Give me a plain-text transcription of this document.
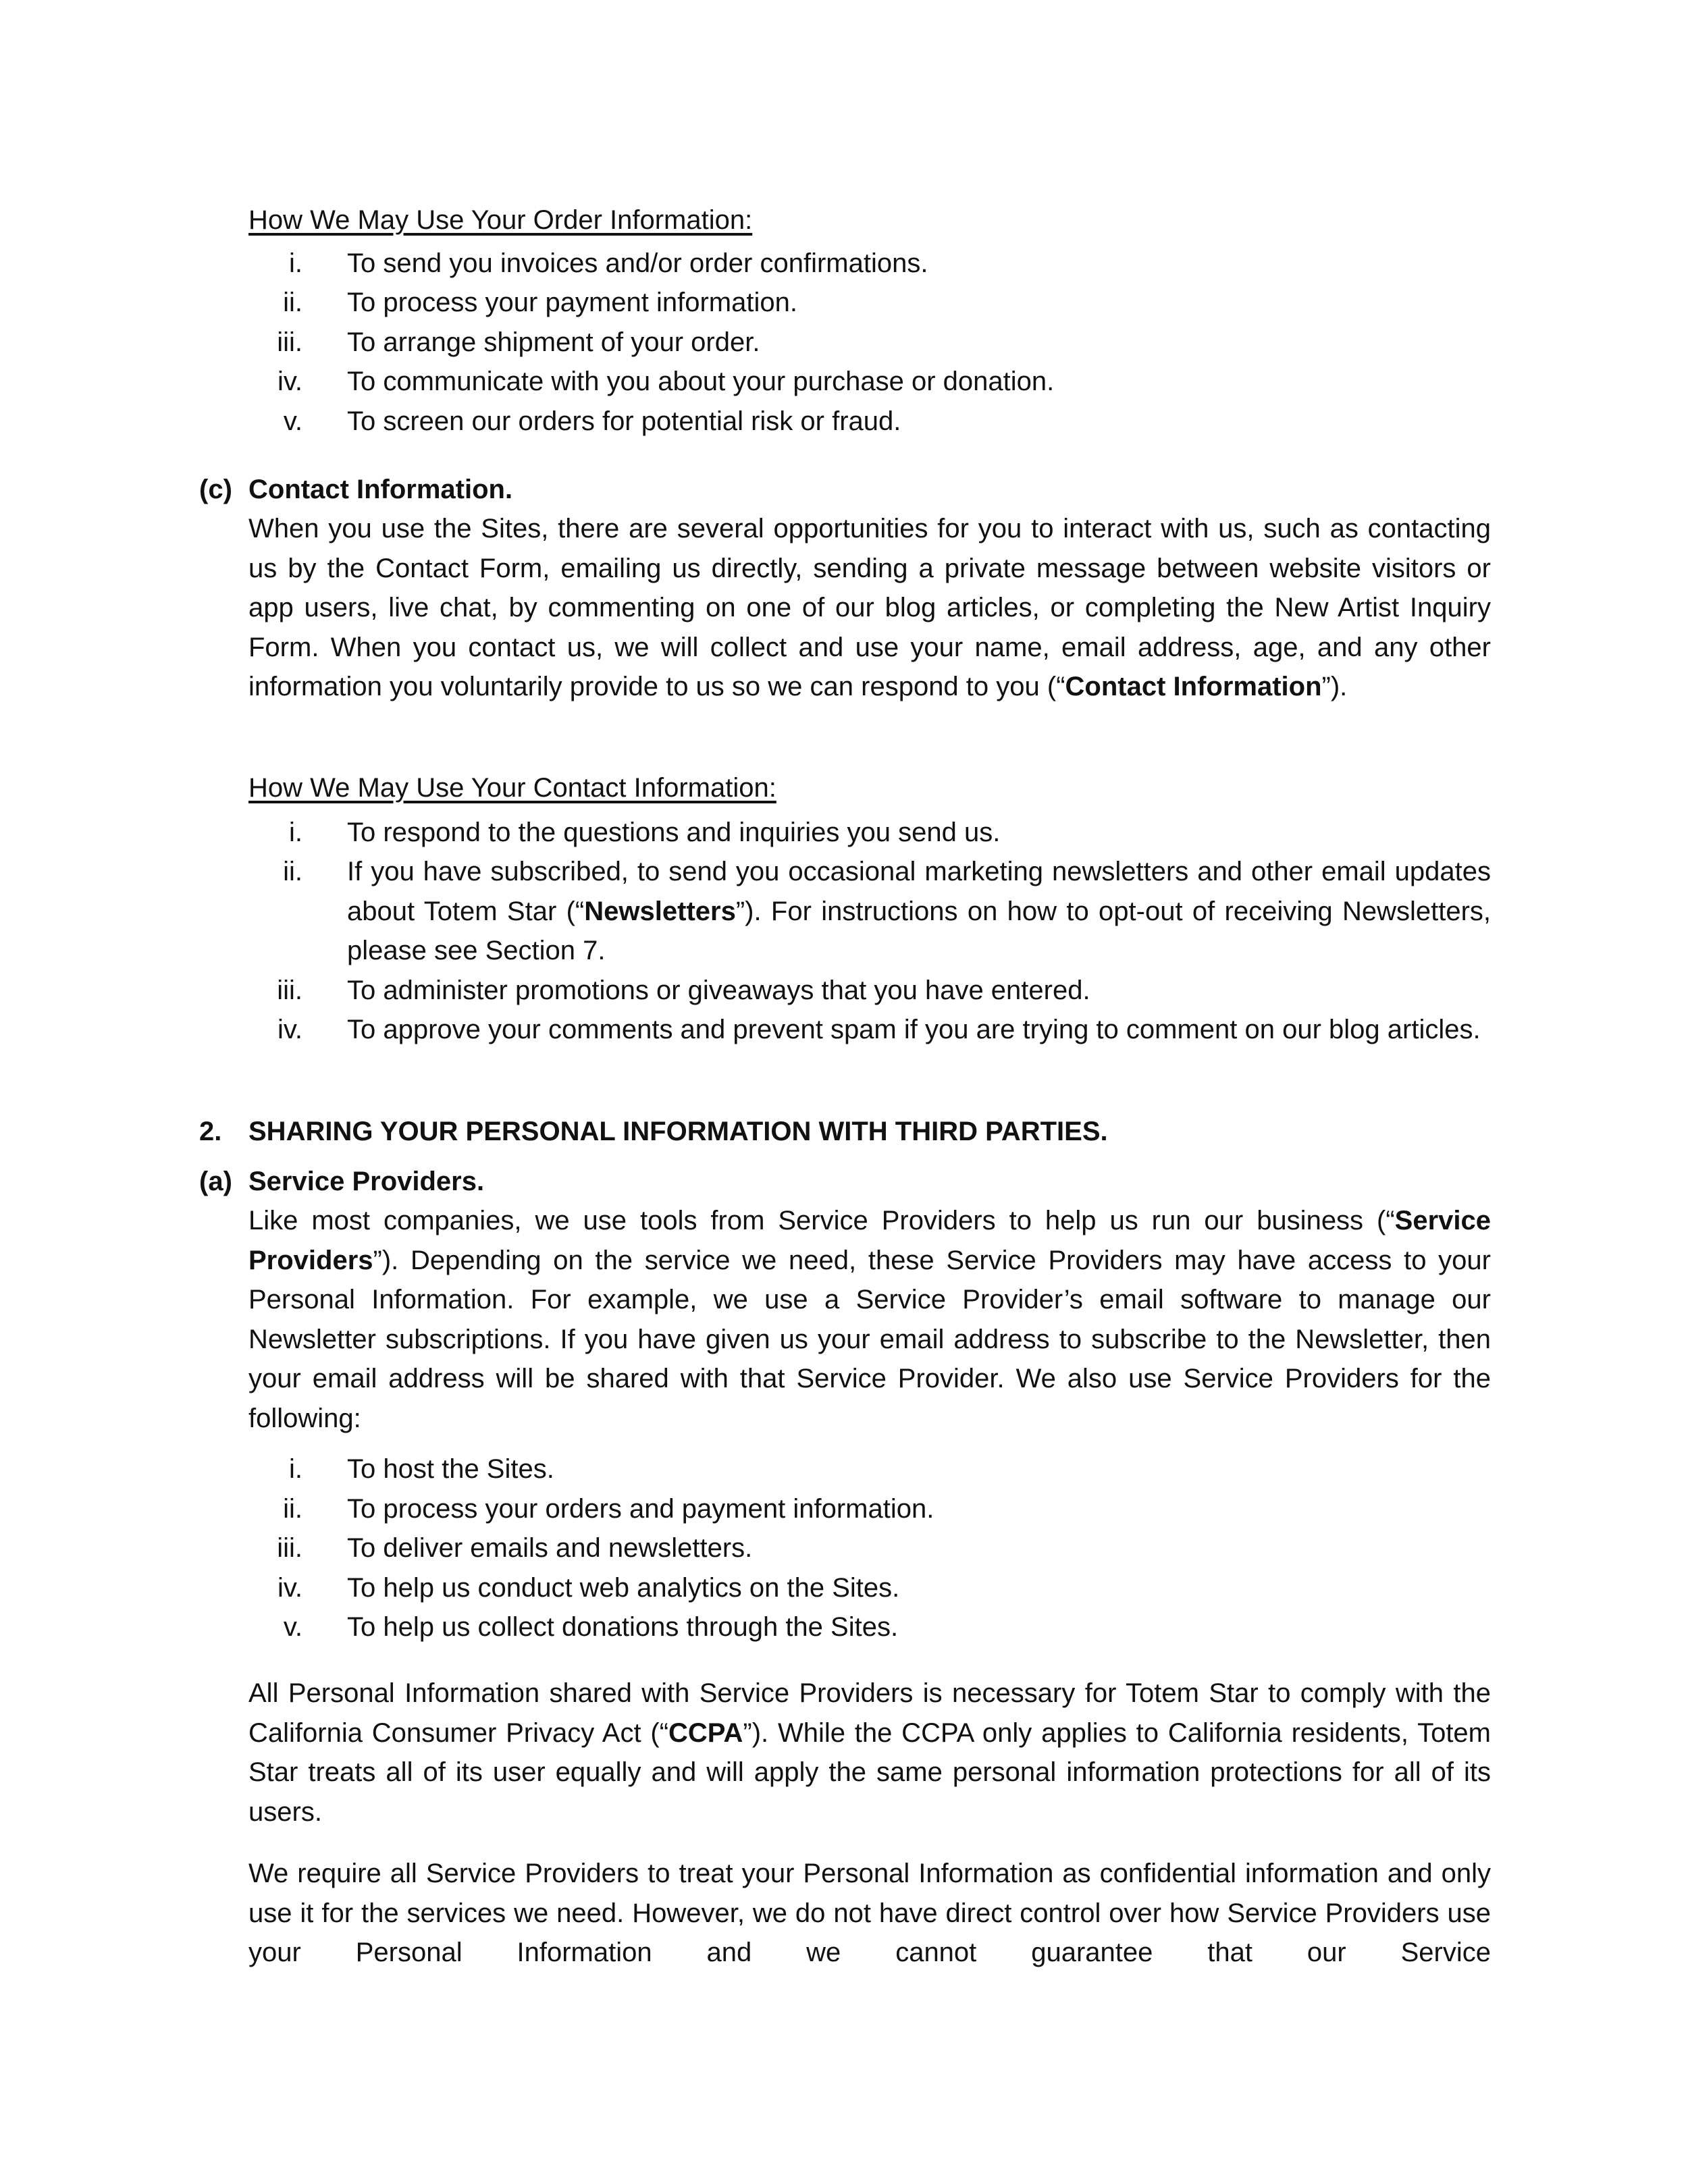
How We May Use Your Order Information:
i. To send you invoices and/or order confirmations.
ii. To process your payment information.
iii. To arrange shipment of your order.
iv. To communicate with you about your purchase or donation.
v. To screen our orders for potential risk or fraud.
(c) Contact Information.
When you use the Sites, there are several opportunities for you to interact with us, such as contacting us by the Contact Form, emailing us directly, sending a private message between website visitors or app users, live chat, by commenting on one of our blog articles, or completing the New Artist Inquiry Form. When you contact us, we will collect and use your name, email address, age, and any other information you voluntarily provide to us so we can respond to you (“Contact Information”).
How We May Use Your Contact Information:
i. To respond to the questions and inquiries you send us.
ii. If you have subscribed, to send you occasional marketing newsletters and other email updates about Totem Star (“Newsletters”). For instructions on how to opt-out of receiving Newsletters, please see Section 7.
iii. To administer promotions or giveaways that you have entered.
iv. To approve your comments and prevent spam if you are trying to comment on our blog articles.
2. SHARING YOUR PERSONAL INFORMATION WITH THIRD PARTIES.
(a) Service Providers.
Like most companies, we use tools from Service Providers to help us run our business (“Service Providers”). Depending on the service we need, these Service Providers may have access to your Personal Information. For example, we use a Service Provider’s email software to manage our Newsletter subscriptions. If you have given us your email address to subscribe to the Newsletter, then your email address will be shared with that Service Provider. We also use Service Providers for the following:
i. To host the Sites.
ii. To process your orders and payment information.
iii. To deliver emails and newsletters.
iv. To help us conduct web analytics on the Sites.
v. To help us collect donations through the Sites.
All Personal Information shared with Service Providers is necessary for Totem Star to comply with the California Consumer Privacy Act (“CCPA”). While the CCPA only applies to California residents, Totem Star treats all of its user equally and will apply the same personal information protections for all of its users.
We require all Service Providers to treat your Personal Information as confidential information and only use it for the services we need. However, we do not have direct control over how Service Providers use your Personal Information and we cannot guarantee that our Service
